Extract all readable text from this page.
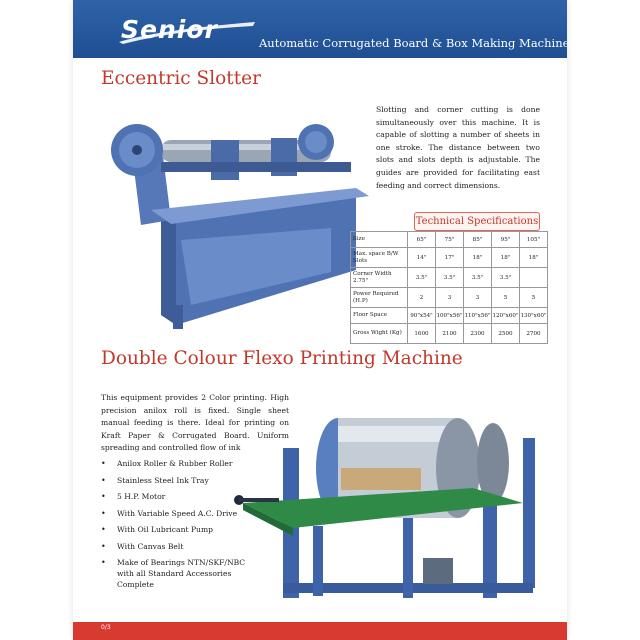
Senior	Automatic Corrugated Board & Box Making Machinery
Eccentric Slotter
Slotting and corner cutting is done simultaneously over this machine. It is capable of slotting a number of sheets in one stroke. The distance between two slots and slots depth is adjustable. The guides are provided for facilitating east feeding and correct dimensions.
Technical Specifications
Size	65"	75"	85"	95"	105"
Max. space B/W Slots	14"	17"	18"	18"	18"
Corner Width 2.75"	3.5"	3.5"	3.5"	3.5"	
Power Required (H.P)	2	3	3	5	5
Floor Space	90"x54"	100"x56"	110"x56"	120"x60"	130"x60"
Gross Wight (Kg)	1600	2100	2300	2500	2700
Double Colour Flexo Printing Machine
This equipment provides 2 Color printing. High precision anilox roll is fixed. Single sheet manual feeding is there. Ideal for printing on Kraft Paper & Corrugated Board. Uniform spreading and controlled flow of ink
• Anilox Roller & Rubber Roller
• Stainless Steel Ink Tray
• 5 H.P. Motor
• With Variable Speed A.C. Drive
• With Oil Lubricant Pump
• With Canvas Belt
• Make of Bearings NTN/SKF/NBC with all Standard Accessories Complete
0/3
